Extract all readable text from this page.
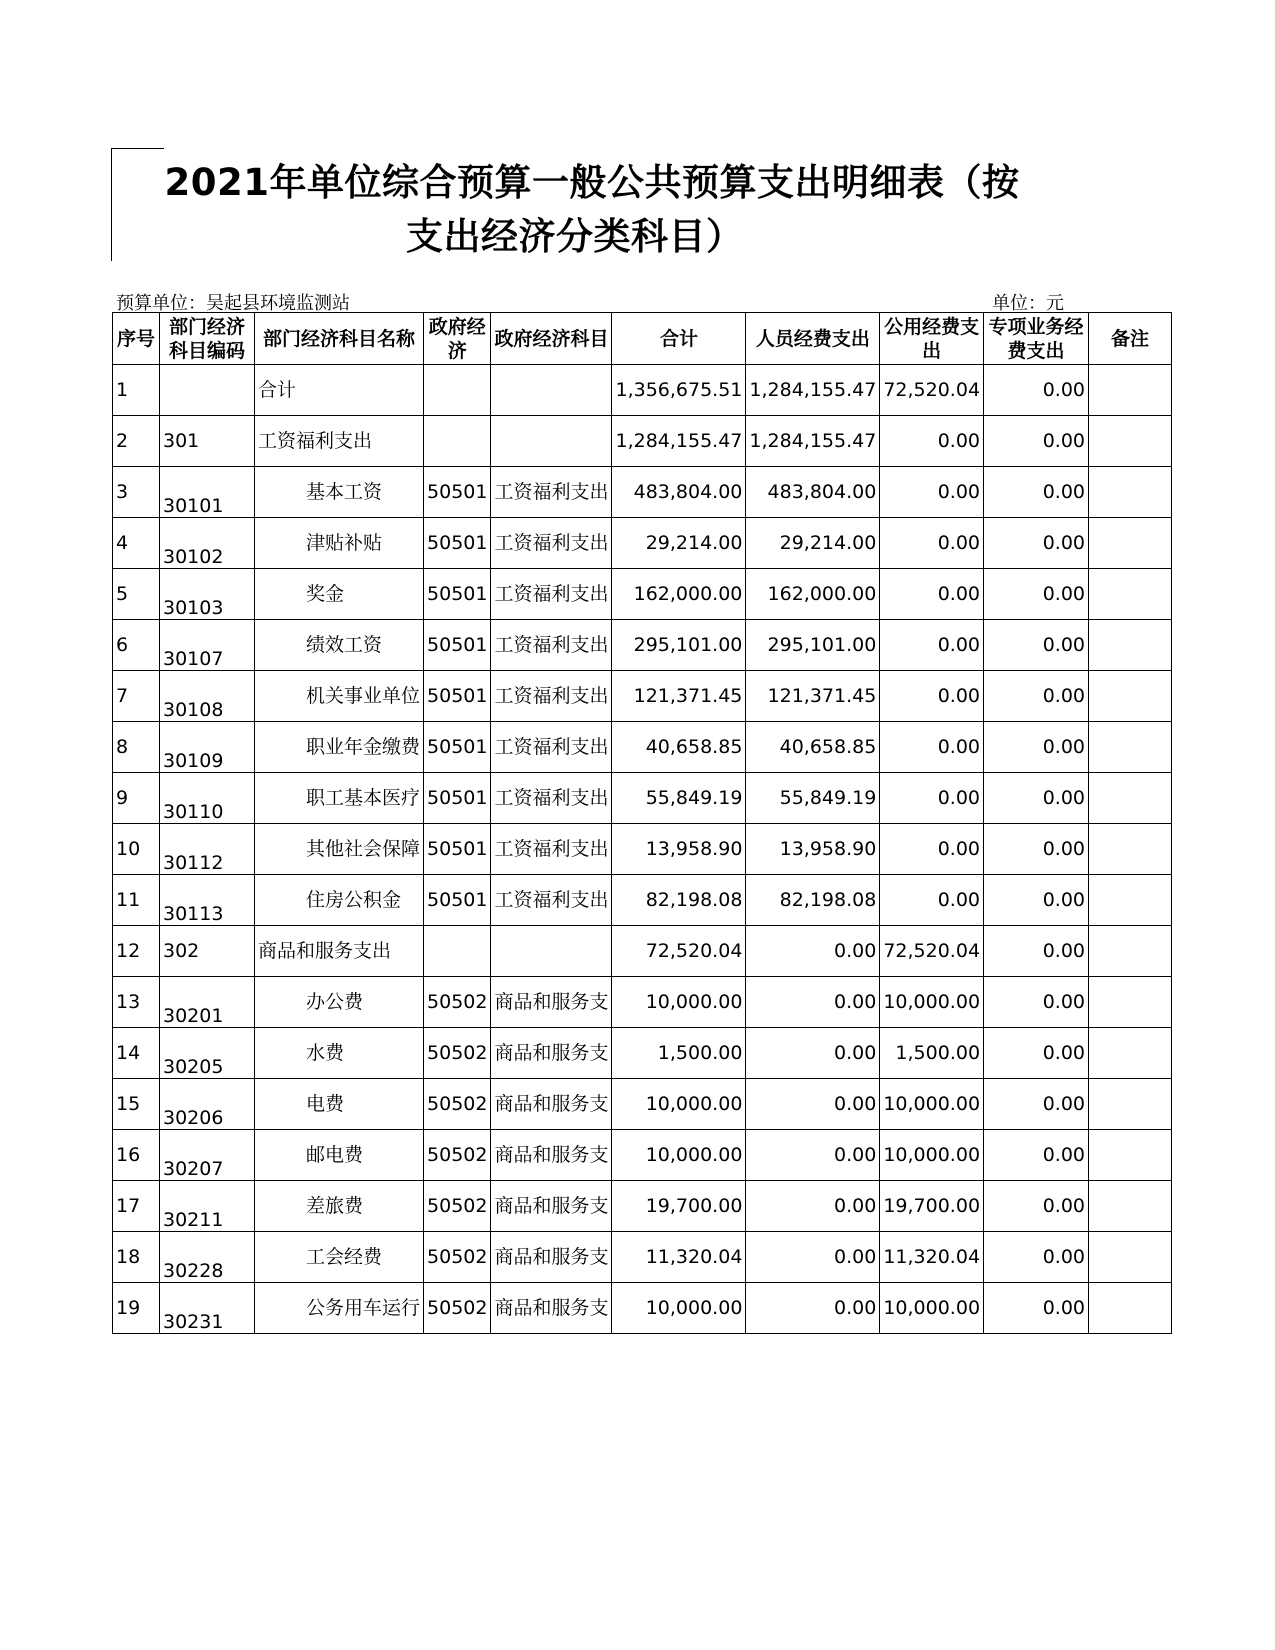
2021年单位综合预算一般公共预算支出明细表（按
支出经济分类科目）
预算单位：吴起县环境监测站	单位：元
序号	部门经济科目编码	部门经济科目名称	政府经济	政府经济科目	合计	人员经费支出	公用经费支出	专项业务经费支出	备注
1		合计			1,356,675.51	1,284,155.47	72,520.04	0.00	
2	301	工资福利支出			1,284,155.47	1,284,155.47	0.00	0.00	
3	30101	基本工资	50501	工资福利支出	483,804.00	483,804.00	0.00	0.00	
4	30102	津贴补贴	50501	工资福利支出	29,214.00	29,214.00	0.00	0.00	
5	30103	奖金	50501	工资福利支出	162,000.00	162,000.00	0.00	0.00	
6	30107	绩效工资	50501	工资福利支出	295,101.00	295,101.00	0.00	0.00	
7	30108	机关事业单位	50501	工资福利支出	121,371.45	121,371.45	0.00	0.00	
8	30109	职业年金缴费	50501	工资福利支出	40,658.85	40,658.85	0.00	0.00	
9	30110	职工基本医疗	50501	工资福利支出	55,849.19	55,849.19	0.00	0.00	
10	30112	其他社会保障	50501	工资福利支出	13,958.90	13,958.90	0.00	0.00	
11	30113	住房公积金	50501	工资福利支出	82,198.08	82,198.08	0.00	0.00	
12	302	商品和服务支出			72,520.04	0.00	72,520.04	0.00	
13	30201	办公费	50502	商品和服务支	10,000.00	0.00	10,000.00	0.00	
14	30205	水费	50502	商品和服务支	1,500.00	0.00	1,500.00	0.00	
15	30206	电费	50502	商品和服务支	10,000.00	0.00	10,000.00	0.00	
16	30207	邮电费	50502	商品和服务支	10,000.00	0.00	10,000.00	0.00	
17	30211	差旅费	50502	商品和服务支	19,700.00	0.00	19,700.00	0.00	
18	30228	工会经费	50502	商品和服务支	11,320.04	0.00	11,320.04	0.00	
19	30231	公务用车运行	50502	商品和服务支	10,000.00	0.00	10,000.00	0.00	
